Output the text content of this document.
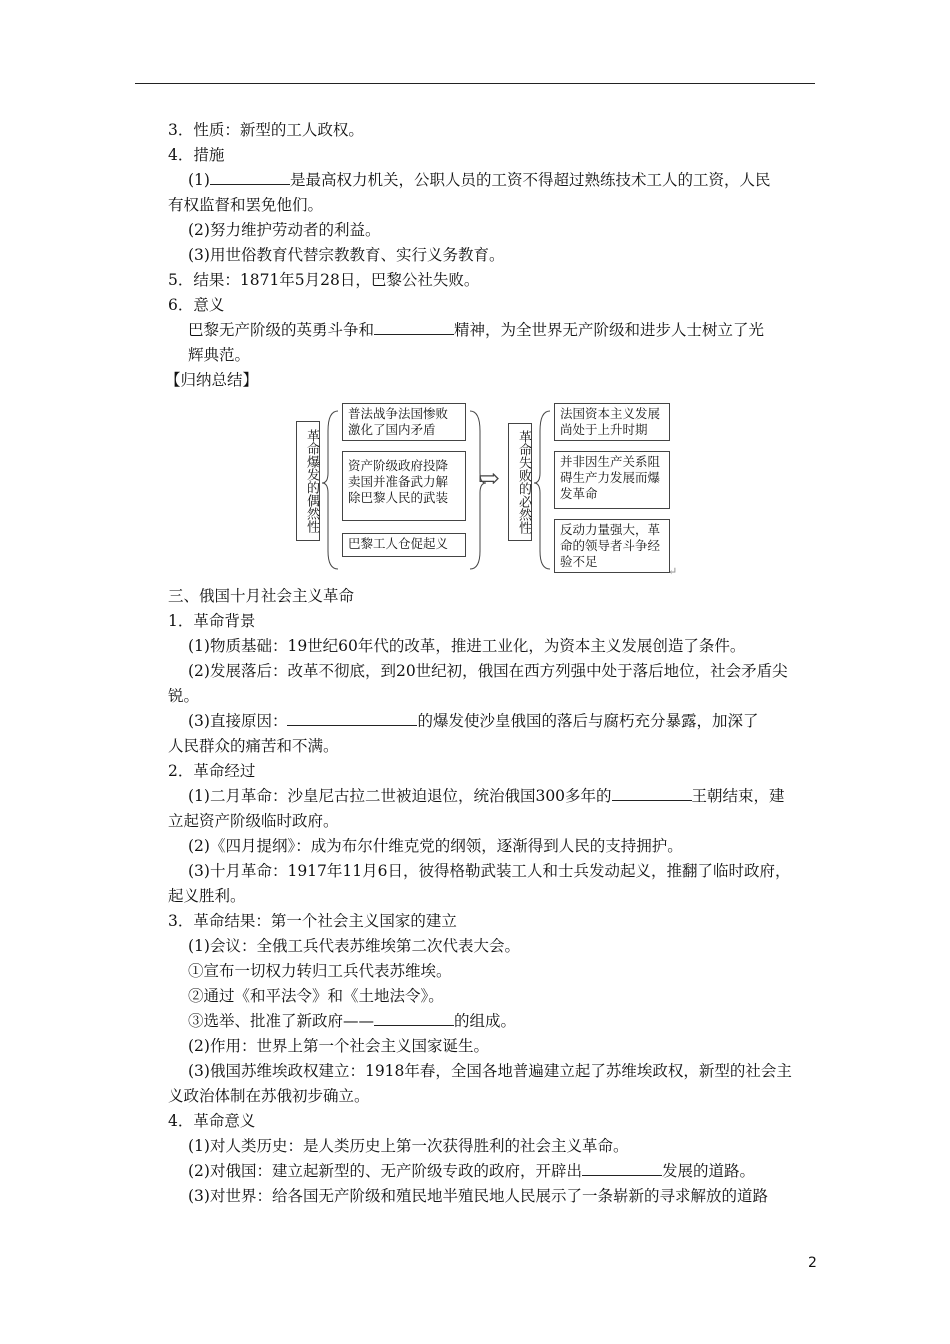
3．性质：新型的工人政权。
4．措施
(1)	是最高权力机关，公职人员的工资不得超过熟练技术工人的工资，人民
有权监督和罢免他们。
(2)努力维护劳动者的利益。
(3)用世俗教育代替宗教教育、实行义务教育。
5．结果：1871年5月28日，巴黎公社失败。
6．意义
巴黎无产阶级的英勇斗争和	精神，为全世界无产阶级和进步人士树立了光
辉典范。
【归纳总结】
革命爆发的偶然性
普法战争法国惨败激化了国内矛盾
资产阶级政府投降卖国并准备武力解除巴黎人民的武装
巴黎工人仓促起义
⇨	革命失败的必然性
法国资本主义发展尚处于上升时期
并非因生产关系阻碍生产力发展而爆发革命
反动力量强大，革命的领导者斗争经验不足
↵
三、俄国十月社会主义革命
1．革命背景
(1)物质基础：19世纪60年代的改革，推进工业化，为资本主义发展创造了条件。
(2)发展落后：改革不彻底，到20世纪初，俄国在西方列强中处于落后地位，社会矛盾尖
锐。
(3)直接原因：	的爆发使沙皇俄国的落后与腐朽充分暴露，加深了
人民群众的痛苦和不满。
2．革命经过
(1)二月革命：沙皇尼古拉二世被迫退位，统治俄国300多年的	王朝结束，建
立起资产阶级临时政府。
(2)《四月提纲》：成为布尔什维克党的纲领，逐渐得到人民的支持拥护。
(3)十月革命：1917年11月6日，彼得格勒武装工人和士兵发动起义，推翻了临时政府，
起义胜利。
3．革命结果：第一个社会主义国家的建立
(1)会议：全俄工兵代表苏维埃第二次代表大会。
①宣布一切权力转归工兵代表苏维埃。
②通过《和平法令》和《土地法令》。
③选举、批准了新政府——	的组成。
(2)作用：世界上第一个社会主义国家诞生。
(3)俄国苏维埃政权建立：1918年春，全国各地普遍建立起了苏维埃政权，新型的社会主
义政治体制在苏俄初步确立。
4．革命意义
(1)对人类历史：是人类历史上第一次获得胜利的社会主义革命。
(2)对俄国：建立起新型的、无产阶级专政的政府，开辟出	发展的道路。
(3)对世界：给各国无产阶级和殖民地半殖民地人民展示了一条崭新的寻求解放的道路
2
